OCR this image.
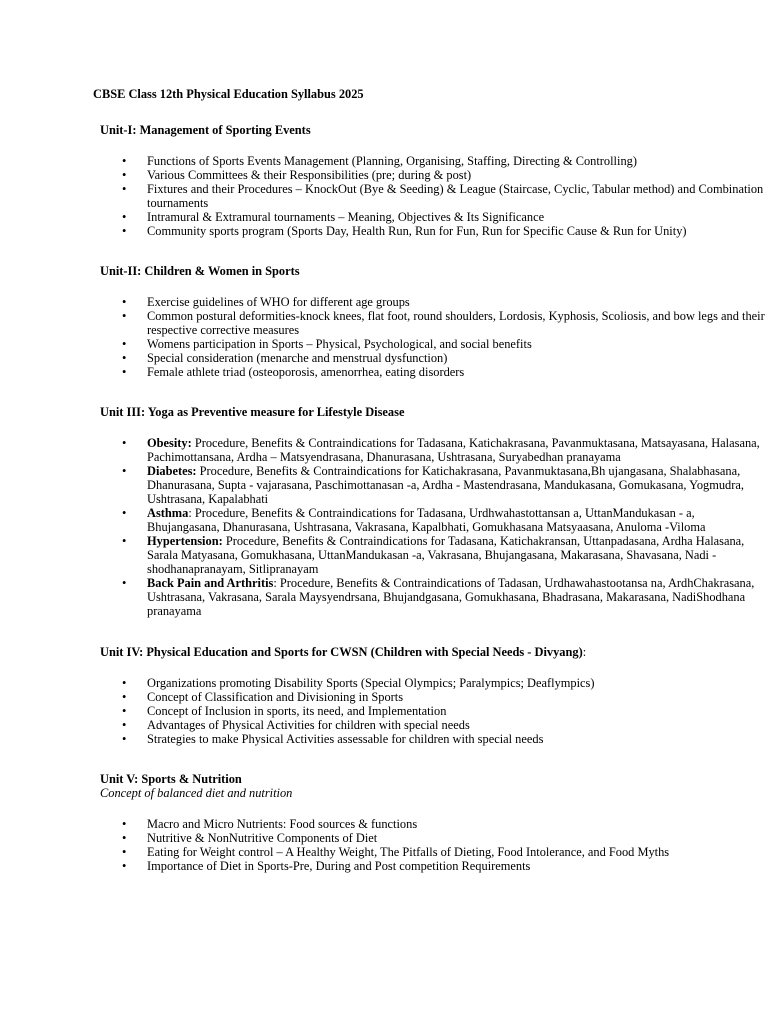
CBSE Class 12th Physical Education Syllabus 2025

Unit-I: Management of Sporting Events

• Functions of Sports Events Management (Planning, Organising, Staffing, Directing & Controlling)
• Various Committees & their Responsibilities (pre; during & post)
• Fixtures and their Procedures – KnockOut (Bye & Seeding) & League (Staircase, Cyclic, Tabular method) and Combination tournaments
• Intramural & Extramural tournaments – Meaning, Objectives & Its Significance
• Community sports program (Sports Day, Health Run, Run for Fun, Run for Specific Cause & Run for Unity)

Unit-II: Children & Women in Sports

• Exercise guidelines of WHO for different age groups
• Common postural deformities-knock knees, flat foot, round shoulders, Lordosis, Kyphosis, Scoliosis, and bow legs and their respective corrective measures
• Womens participation in Sports – Physical, Psychological, and social benefits
• Special consideration (menarche and menstrual dysfunction)
• Female athlete triad (osteoporosis, amenorrhea, eating disorders

Unit III: Yoga as Preventive measure for Lifestyle Disease

• Obesity: Procedure, Benefits & Contraindications for Tadasana, Katichakrasana, Pavanmuktasana, Matsayasana, Halasana, Pachimottansana, Ardha – Matsyendrasana, Dhanurasana, Ushtrasana, Suryabedhan pranayama
• Diabetes: Procedure, Benefits & Contraindications for Katichakrasana, Pavanmuktasana,Bh ujangasana, Shalabhasana, Dhanurasana, Supta - vajarasana, Paschimottanasan -a, Ardha - Mastendrasana, Mandukasana, Gomukasana, Yogmudra, Ushtrasana, Kapalabhati
• Asthma: Procedure, Benefits & Contraindications for Tadasana, Urdhwahastottansan a, UttanMandukasan - a, Bhujangasana, Dhanurasana, Ushtrasana, Vakrasana, Kapalbhati, Gomukhasana Matsyaasana, Anuloma -Viloma
• Hypertension: Procedure, Benefits & Contraindications for Tadasana, Katichakransan, Uttanpadasana, Ardha Halasana, Sarala Matyasana, Gomukhasana, UttanMandukasan -a, Vakrasana, Bhujangasana, Makarasana, Shavasana, Nadi - shodhanapranayam, Sitlipranayam
• Back Pain and Arthritis: Procedure, Benefits & Contraindications of Tadasan, Urdhawahastootansa na, ArdhChakrasana, Ushtrasana, Vakrasana, Sarala Maysyendrsana, Bhujandgasana, Gomukhasana, Bhadrasana, Makarasana, NadiShodhana pranayama

Unit IV: Physical Education and Sports for CWSN (Children with Special Needs - Divyang):

• Organizations promoting Disability Sports (Special Olympics; Paralympics; Deaflympics)
• Concept of Classification and Divisioning in Sports
• Concept of Inclusion in sports, its need, and Implementation
• Advantages of Physical Activities for children with special needs
• Strategies to make Physical Activities assessable for children with special needs

Unit V: Sports & Nutrition

Concept of balanced diet and nutrition

• Macro and Micro Nutrients: Food sources & functions
• Nutritive & NonNutritive Components of Diet
• Eating for Weight control – A Healthy Weight, The Pitfalls of Dieting, Food Intolerance, and Food Myths
• Importance of Diet in Sports-Pre, During and Post competition Requirements
